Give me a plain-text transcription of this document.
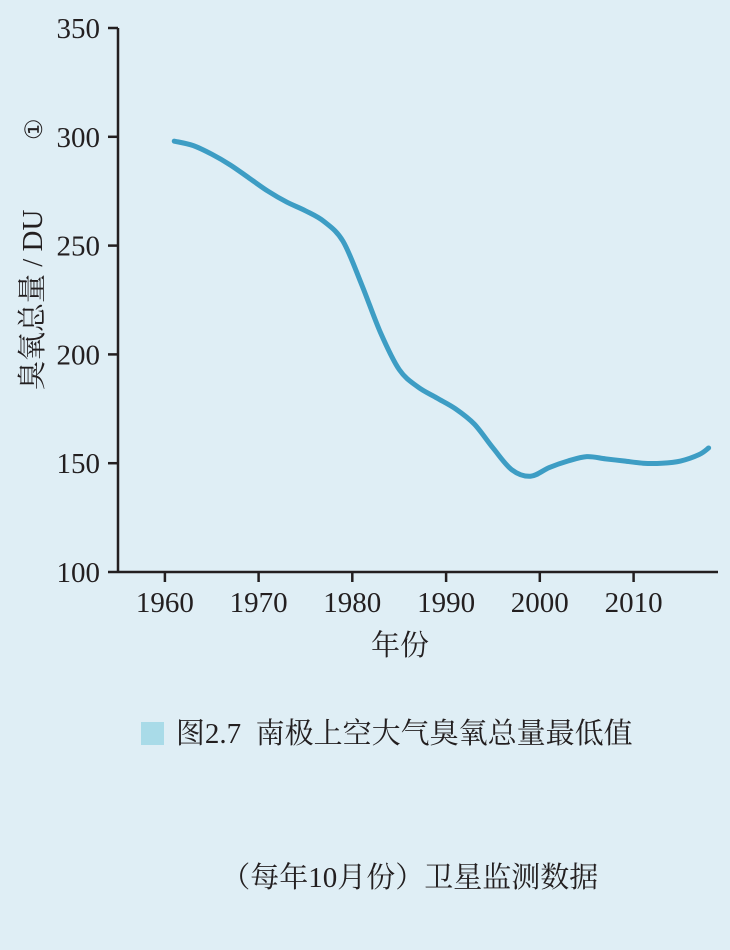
100
150
200
250
300
350
1960 1970 1980 1990 2000 2010
臭氧总量 / DU
①
年份

图2.7  南极上空大气臭氧总量最低值

（每年10月份）卫星监测数据
